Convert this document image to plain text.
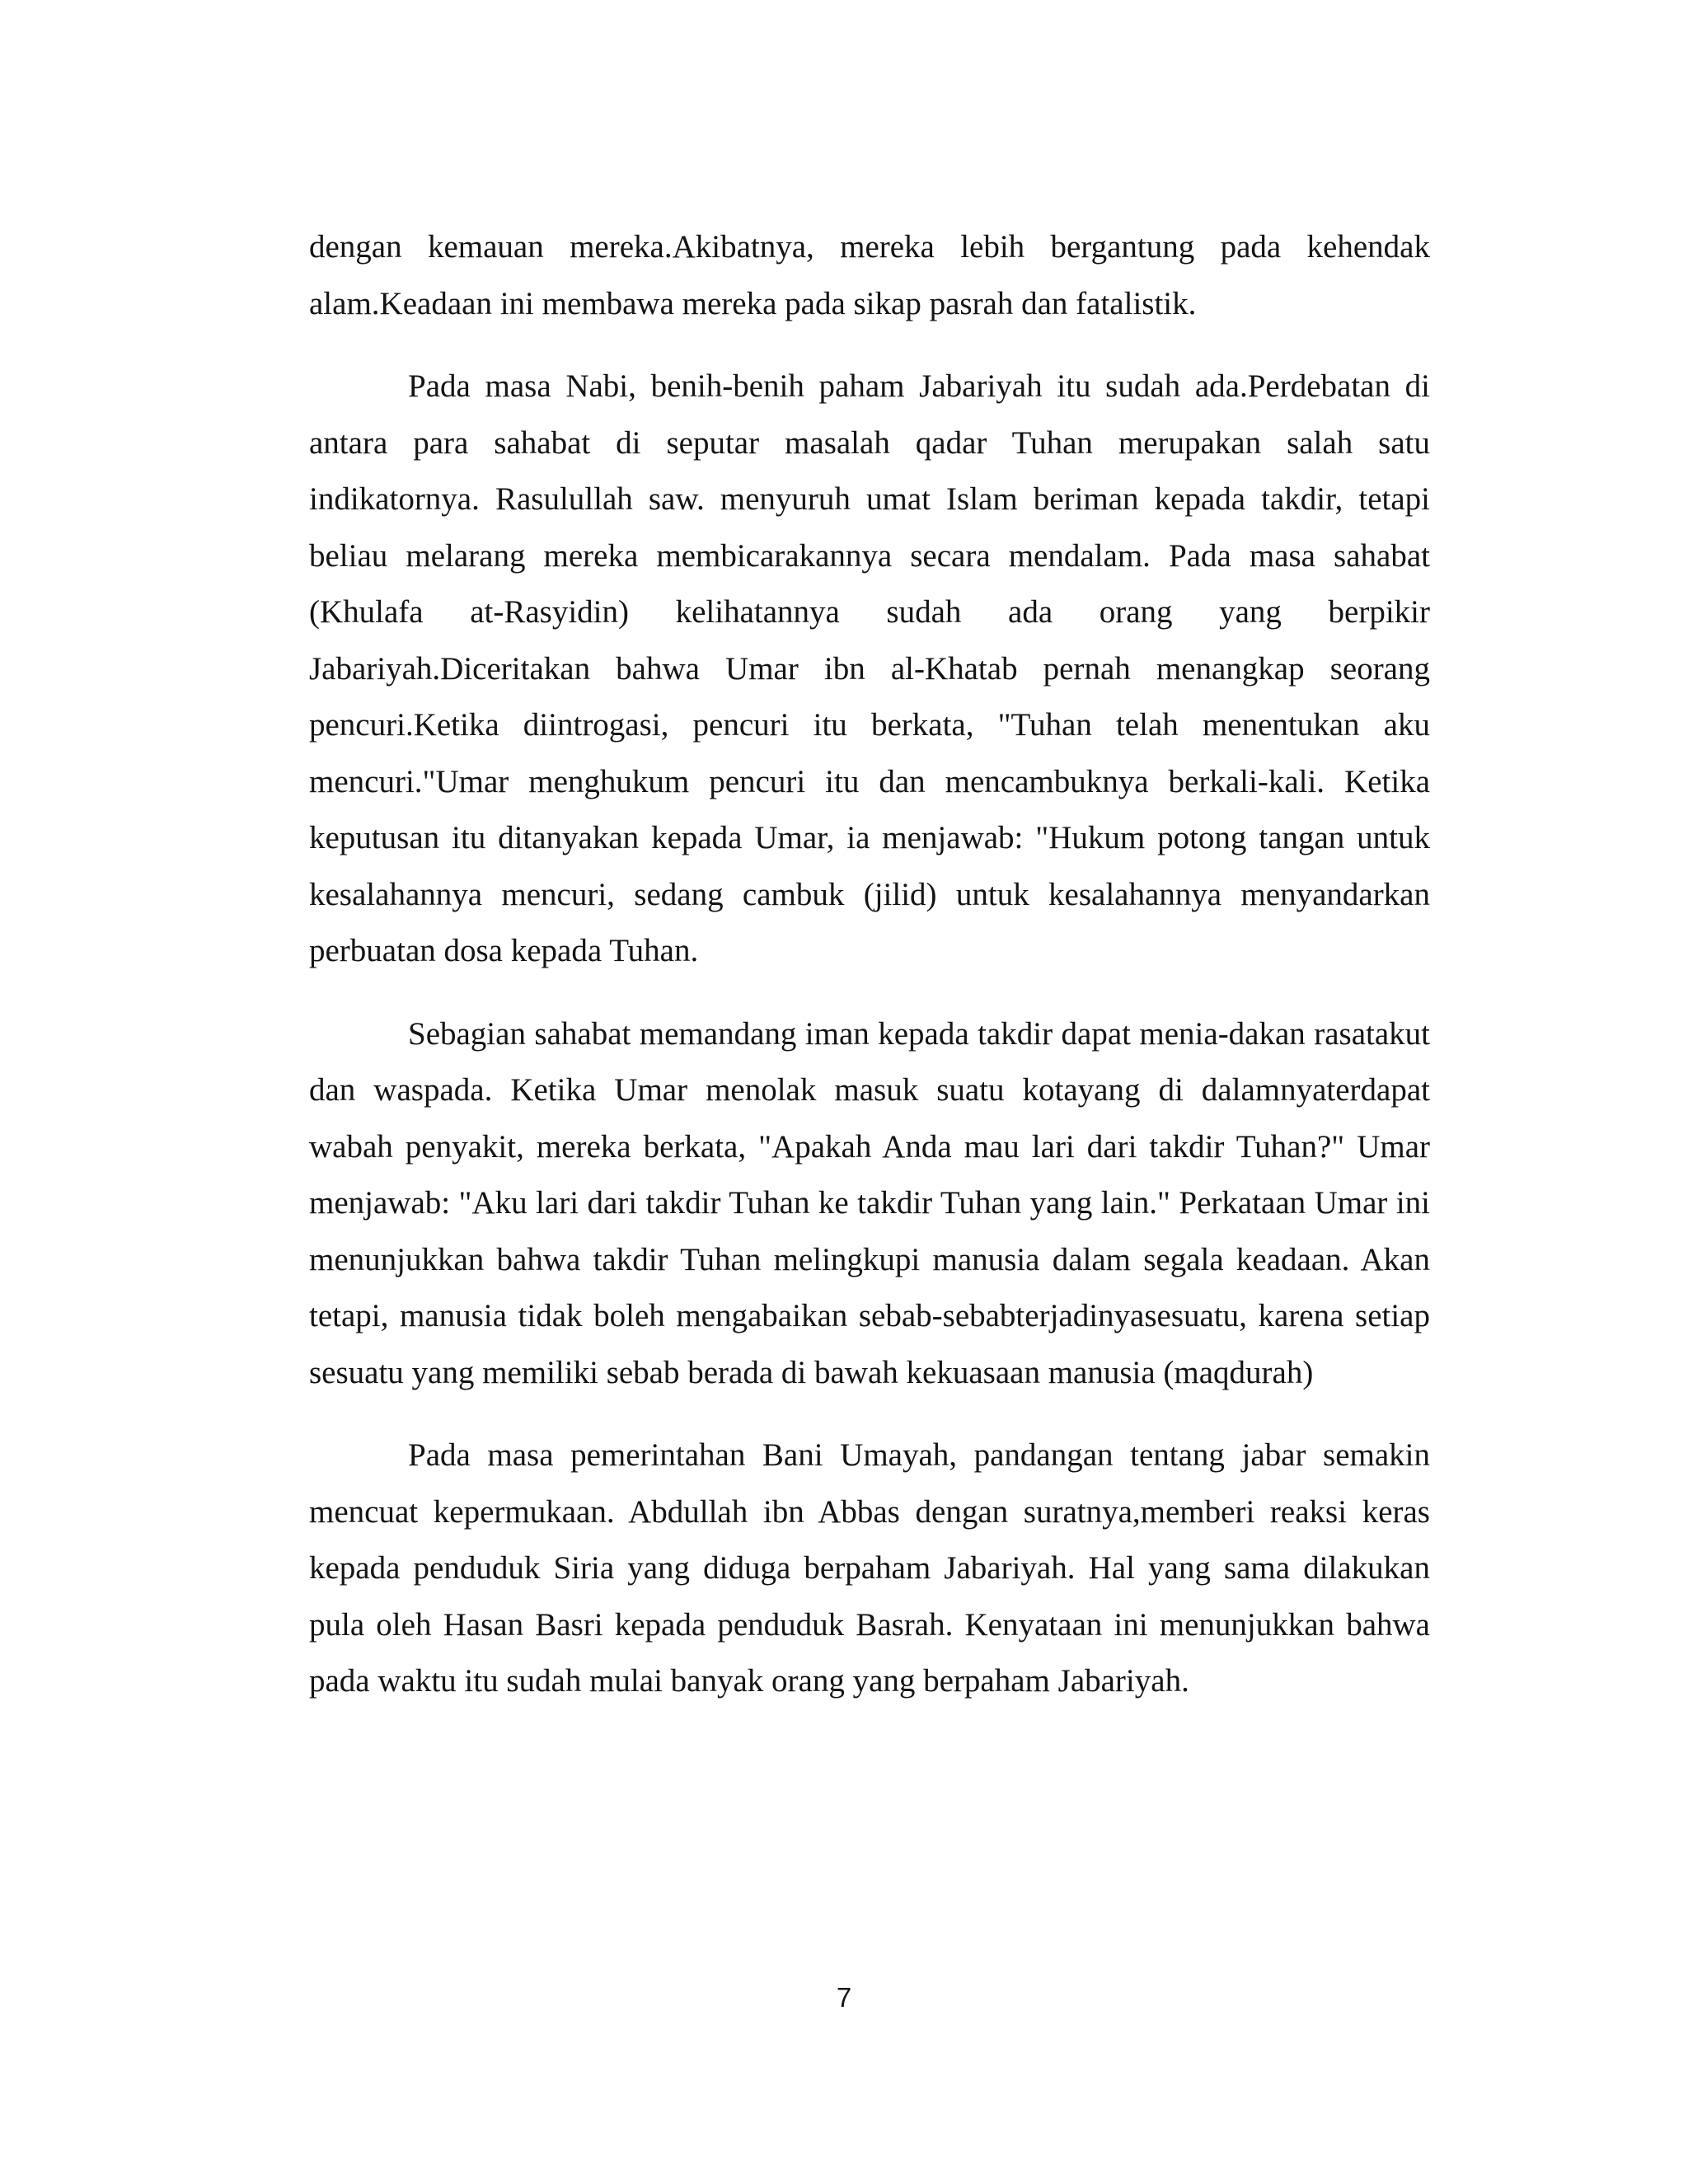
dengan kemauan mereka.Akibatnya, mereka lebih bergantung pada kehendak alam.Keadaan ini membawa mereka pada sikap pasrah dan fatalistik.

Pada masa Nabi, benih-benih paham Jabariyah itu sudah ada.Perdebatan di antara para sahabat di seputar masalah qadar Tuhan merupakan salah satu indikatornya. Rasulullah saw. menyuruh umat Islam beriman kepada takdir, tetapi beliau melarang mereka membicarakannya secara mendalam. Pada masa sahabat (Khulafa at-Rasyidin) kelihatannya sudah ada orang yang berpikir Jabariyah.Diceritakan bahwa Umar ibn al-Khatab pernah menangkap seorang pencuri.Ketika diintrogasi, pencuri itu berkata, "Tuhan telah menentukan aku mencuri."Umar menghukum pencuri itu dan mencambuknya berkali-kali. Ketika keputusan itu ditanyakan kepada Umar, ia menjawab: "Hukum potong tangan untuk kesalahannya mencuri, sedang cambuk (jilid) untuk kesalahannya menyandarkan perbuatan dosa kepada Tuhan.

Sebagian sahabat memandang iman kepada takdir dapat menia-dakan rasatakut dan waspada. Ketika Umar menolak masuk suatu kotayang di dalamnyaterdapat wabah penyakit, mereka berkata, "Apakah Anda mau lari dari takdir Tuhan?" Umar menjawab: "Aku lari dari takdir Tuhan ke takdir Tuhan yang lain." Perkataan Umar ini menunjukkan bahwa takdir Tuhan melingkupi manusia dalam segala keadaan. Akan tetapi, manusia tidak boleh mengabaikan sebab-sebabterjadinyasesuatu, karena setiap sesuatu yang memiliki sebab berada di bawah kekuasaan manusia (maqdurah)

Pada masa pemerintahan Bani Umayah, pandangan tentang jabar semakin mencuat kepermukaan. Abdullah ibn Abbas dengan suratnya,memberi reaksi keras kepada penduduk Siria yang diduga berpaham Jabariyah. Hal yang sama dilakukan pula oleh Hasan Basri kepada penduduk Basrah. Kenyataan ini menunjukkan bahwa pada waktu itu sudah mulai banyak orang yang berpaham Jabariyah.

7
